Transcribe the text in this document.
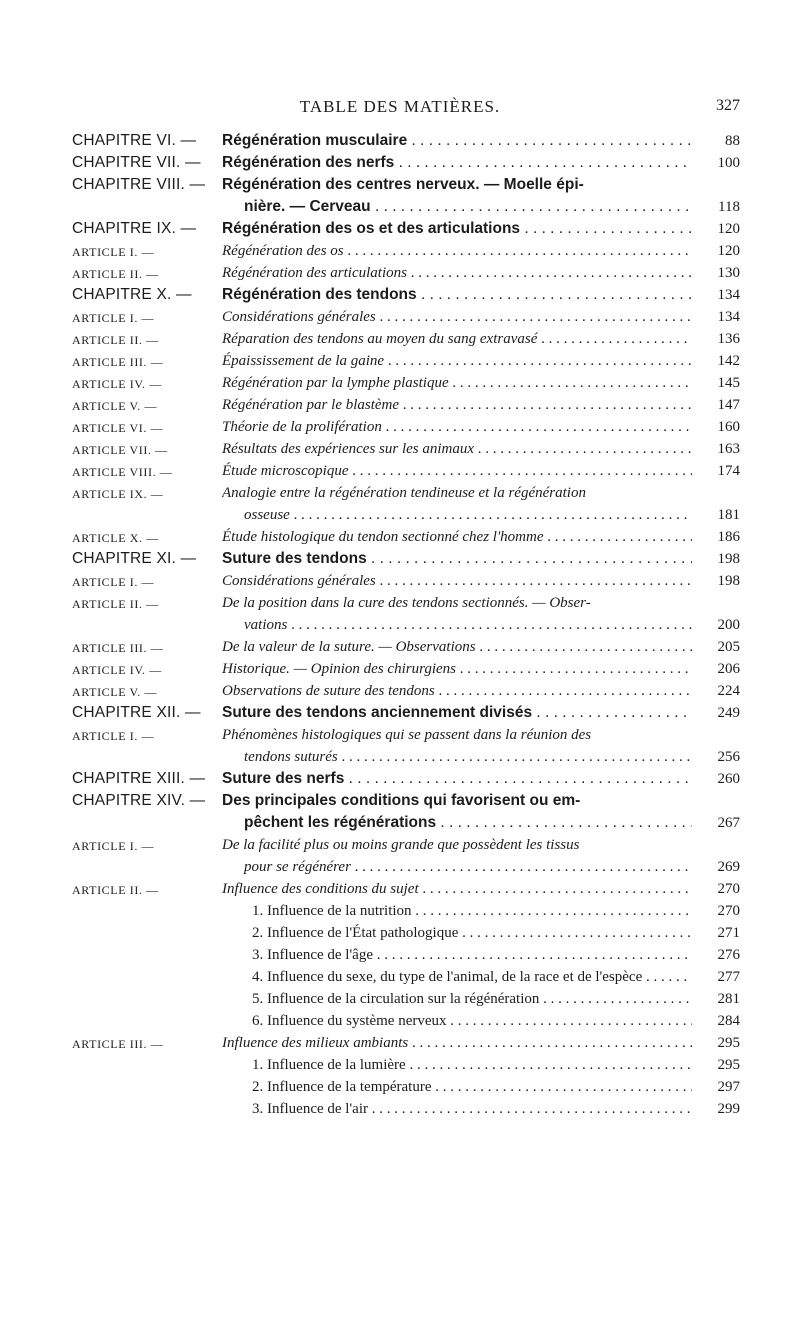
TABLE DES MATIÈRES.	327
CHAPITRE VI. — Régénération musculaire . . .	88
CHAPITRE VII. — Régénération des nerfs . . .	100
CHAPITRE VIII. — Régénération des centres nerveux. — Moelle épi-
nière. — Cerveau . . .	118
CHAPITRE IX. — Régénération des os et des articulations . . .	120
ARTICLE I. —	Régénération des os . . .	120
ARTICLE II. —	Régénération des articulations . . .	130
CHAPITRE X. — Régénération des tendons . . .	134
ARTICLE I. —	Considérations générales . . .	134
ARTICLE II. —	Réparation des tendons au moyen du sang extravasé . . .	136
ARTICLE III. —	Épaississement de la gaine . . .	142
ARTICLE IV. —	Régénération par la lymphe plastique . . .	145
ARTICLE V. —	Régénération par le blastème . . .	147
ARTICLE VI. —	Théorie de la prolifération . . .	160
ARTICLE VII. —	Résultats des expériences sur les animaux . . .	163
ARTICLE VIII. —	Étude microscopique . . .	174
ARTICLE IX. —	Analogie entre la régénération tendineuse et la régénération
osseuse . . .	181
ARTICLE X. —	Étude histologique du tendon sectionné chez l'homme . . .	186
CHAPITRE XI. — Suture des tendons . . .	198
ARTICLE I. —	Considérations générales . . .	198
ARTICLE II. —	De la position dans la cure des tendons sectionnés. — Obser-
vations . . .	200
ARTICLE III. —	De la valeur de la suture. — Observations . . .	205
ARTICLE IV. —	Historique. — Opinion des chirurgiens . . .	206
ARTICLE V. —	Observations de suture des tendons . . .	224
CHAPITRE XII. — Suture des tendons anciennement divisés . . .	249
ARTICLE I. —	Phénomènes histologiques qui se passent dans la réunion des
tendons suturés . . .	256
CHAPITRE XIII. — Suture des nerfs . . .	260
CHAPITRE XIV. — Des principales conditions qui favorisent ou em-
pêchent les régénérations . . .	267
ARTICLE I. —	De la facilité plus ou moins grande que possèdent les tissus
pour se régénérer . . .	269
ARTICLE II. —	Influence des conditions du sujet . . .	270
1. Influence de la nutrition . . .	270
2. Influence de l'État pathologique . . .	271
3. Influence de l'âge . . .	276
4. Influence du sexe, du type de l'animal, de la race et de l'espèce . . .	277
5. Influence de la circulation sur la régénération . . .	281
6. Influence du système nerveux . . .	284
ARTICLE III. —	Influence des milieux ambiants . . .	295
1. Influence de la lumière . . .	295
2. Influence de la température . . .	297
3. Influence de l'air . . .	299
